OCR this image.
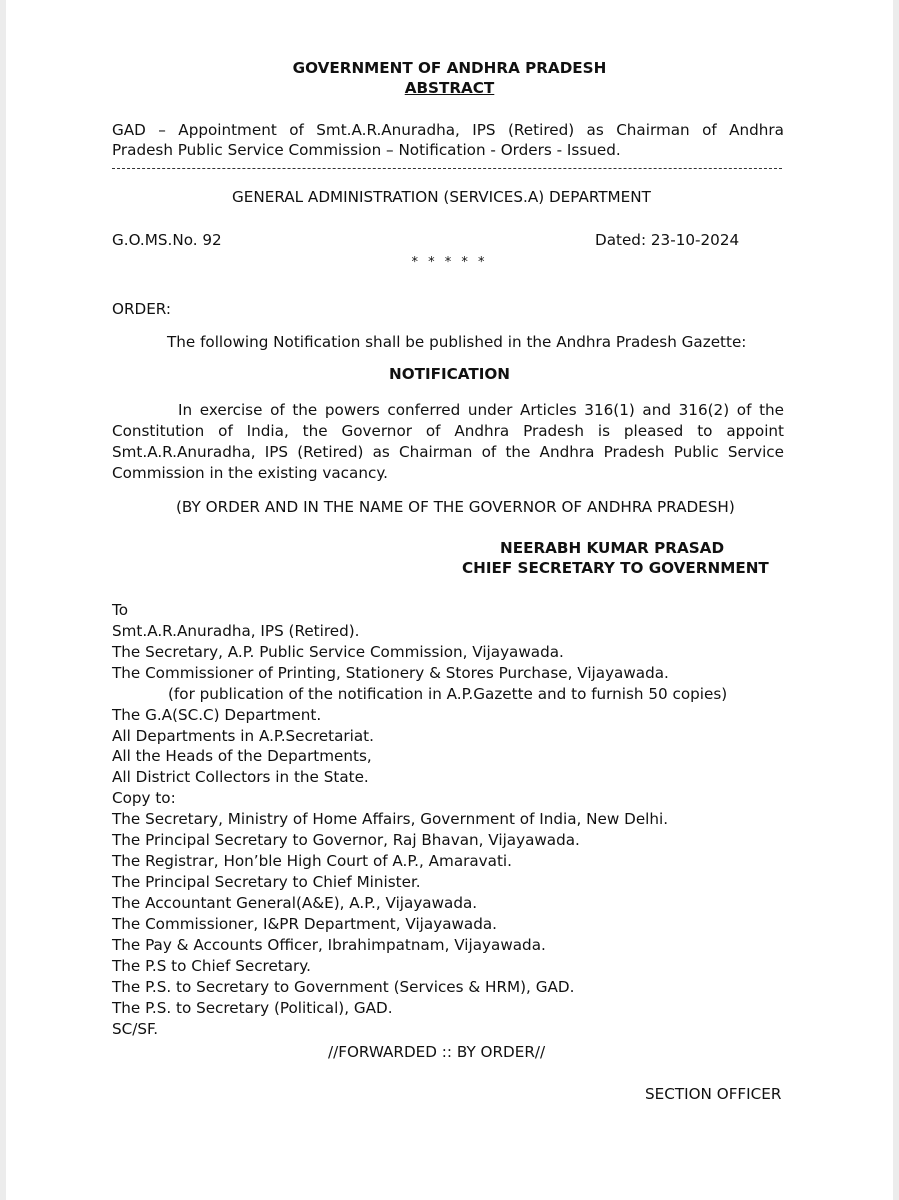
GOVERNMENT OF ANDHRA PRADESH
ABSTRACT
GAD – Appointment of Smt.A.R.Anuradha, IPS (Retired) as Chairman of Andhra
Pradesh Public Service Commission – Notification - Orders - Issued.
GENERAL ADMINISTRATION (SERVICES.A) DEPARTMENT
G.O.MS.No. 92	Dated: 23-10-2024
* * * * *
ORDER:
The following Notification shall be published in the Andhra Pradesh Gazette:
NOTIFICATION
In exercise of the powers conferred under Articles 316(1) and 316(2) of the
Constitution of India, the Governor of Andhra Pradesh is pleased to appoint
Smt.A.R.Anuradha, IPS (Retired) as Chairman of the Andhra Pradesh Public Service
Commission in the existing vacancy.
(BY ORDER AND IN THE NAME OF THE GOVERNOR OF ANDHRA PRADESH)
NEERABH KUMAR PRASAD
CHIEF SECRETARY TO GOVERNMENT
To
Smt.A.R.Anuradha, IPS (Retired).
The Secretary, A.P. Public Service Commission, Vijayawada.
The Commissioner of Printing, Stationery & Stores Purchase, Vijayawada.
(for publication of the notification in A.P.Gazette and to furnish 50 copies)
The G.A(SC.C) Department.
All Departments in A.P.Secretariat.
All the Heads of the Departments,
All District Collectors in the State.
Copy to:
The Secretary, Ministry of Home Affairs, Government of India, New Delhi.
The Principal Secretary to Governor, Raj Bhavan, Vijayawada.
The Registrar, Hon’ble High Court of A.P., Amaravati.
The Principal Secretary to Chief Minister.
The Accountant General(A&E), A.P., Vijayawada.
The Commissioner, I&PR Department, Vijayawada.
The Pay & Accounts Officer, Ibrahimpatnam, Vijayawada.
The P.S to Chief Secretary.
The P.S. to Secretary to Government (Services & HRM), GAD.
The P.S. to Secretary (Political), GAD.
SC/SF.
//FORWARDED :: BY ORDER//
SECTION OFFICER
